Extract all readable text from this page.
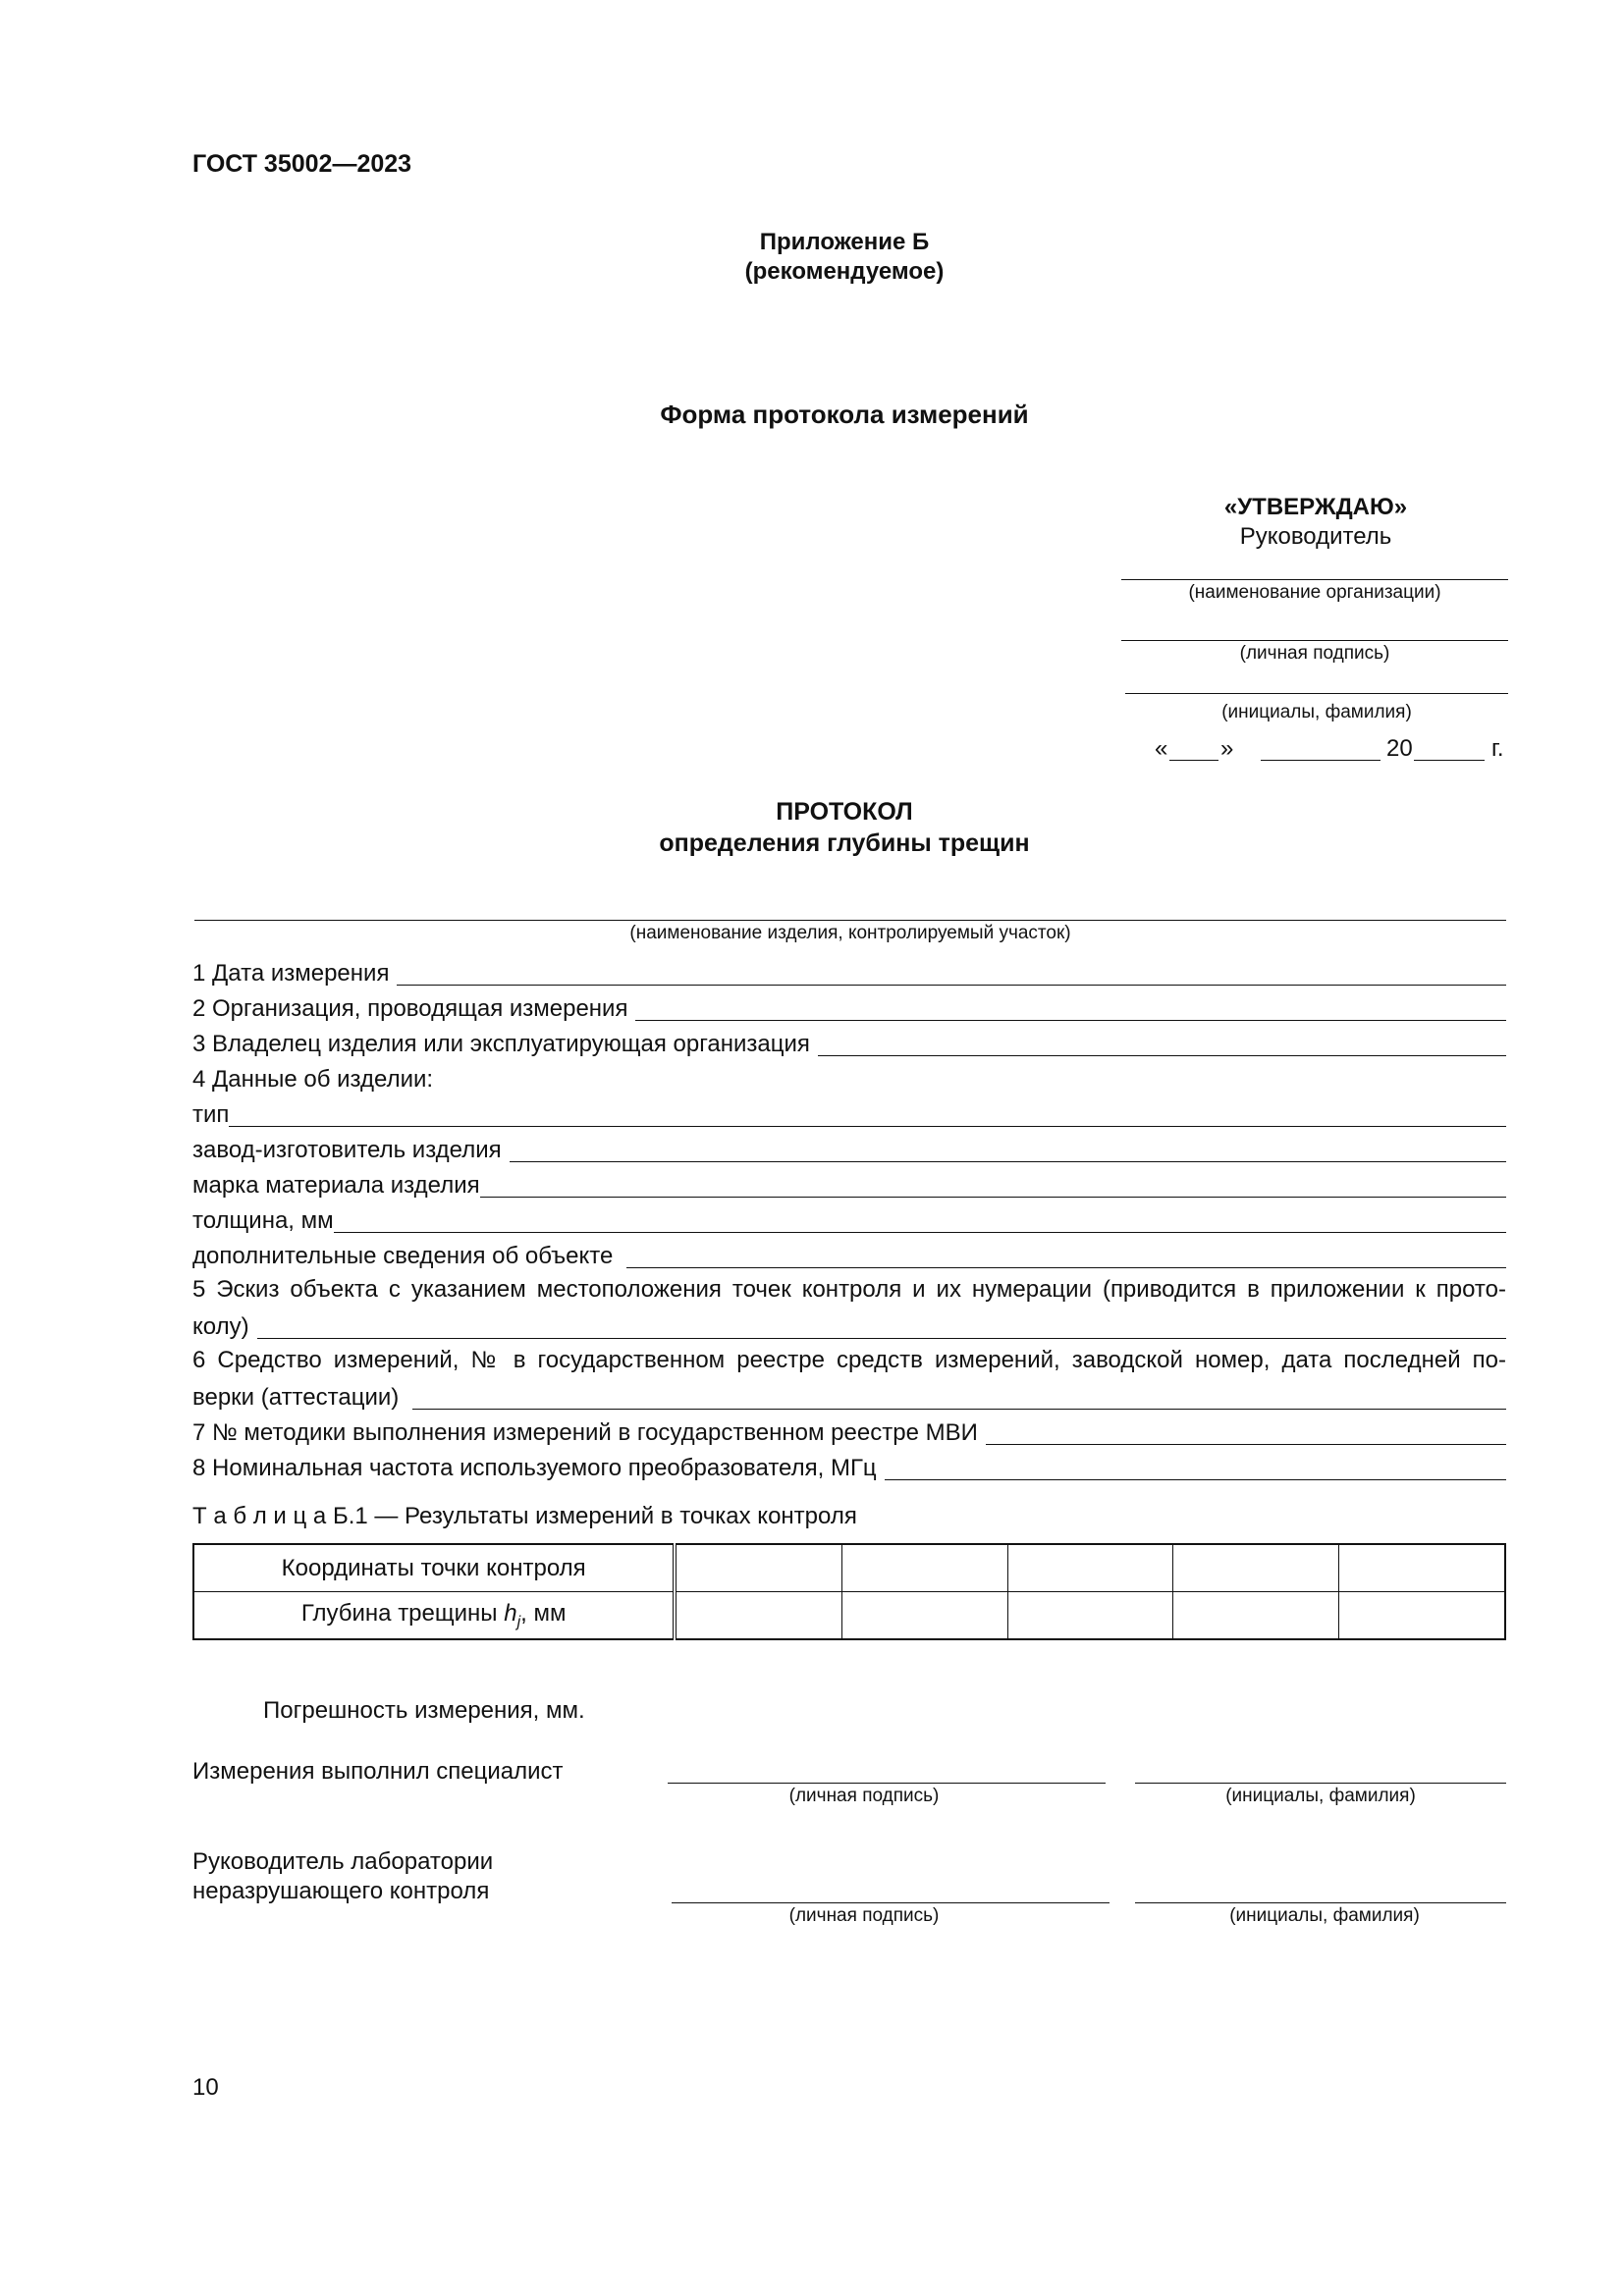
ГОСТ 35002—2023
Приложение Б
(рекомендуемое)
Форма протокола измерений
«УТВЕРЖДАЮ»
Руководитель
(наименование организации)
(личная подпись)
(инициалы, фамилия)
« »	20	г.
ПРОТОКОЛ
определения глубины трещин
(наименование изделия, контролируемый участок)
1 Дата измерения
2 Организация, проводящая измерения
3 Владелец изделия или эксплуатирующая организация
4 Данные об изделии:
тип
завод-изготовитель изделия
марка материала изделия
толщина, мм
дополнительные сведения об объекте
5 Эскиз объекта с указанием местоположения точек контроля и их нумерации (приводится в приложении к прото-
колу)
6 Средство измерений, № в государственном реестре средств измерений, заводской номер, дата последней по-
верки (аттестации)
7 № методики выполнения измерений в государственном реестре МВИ
8 Номинальная частота используемого преобразователя, МГц
Т а б л и ц а Б.1 — Результаты измерений в точках контроля
Координаты точки контроля					
Глубина трещины $h_j$, мм					
Погрешность измерения, мм.
Измерения выполнил специалист
(личная подпись)	(инициалы, фамилия)
Руководитель лаборатории
неразрушающего контроля
(личная подпись)	(инициалы, фамилия)
10
